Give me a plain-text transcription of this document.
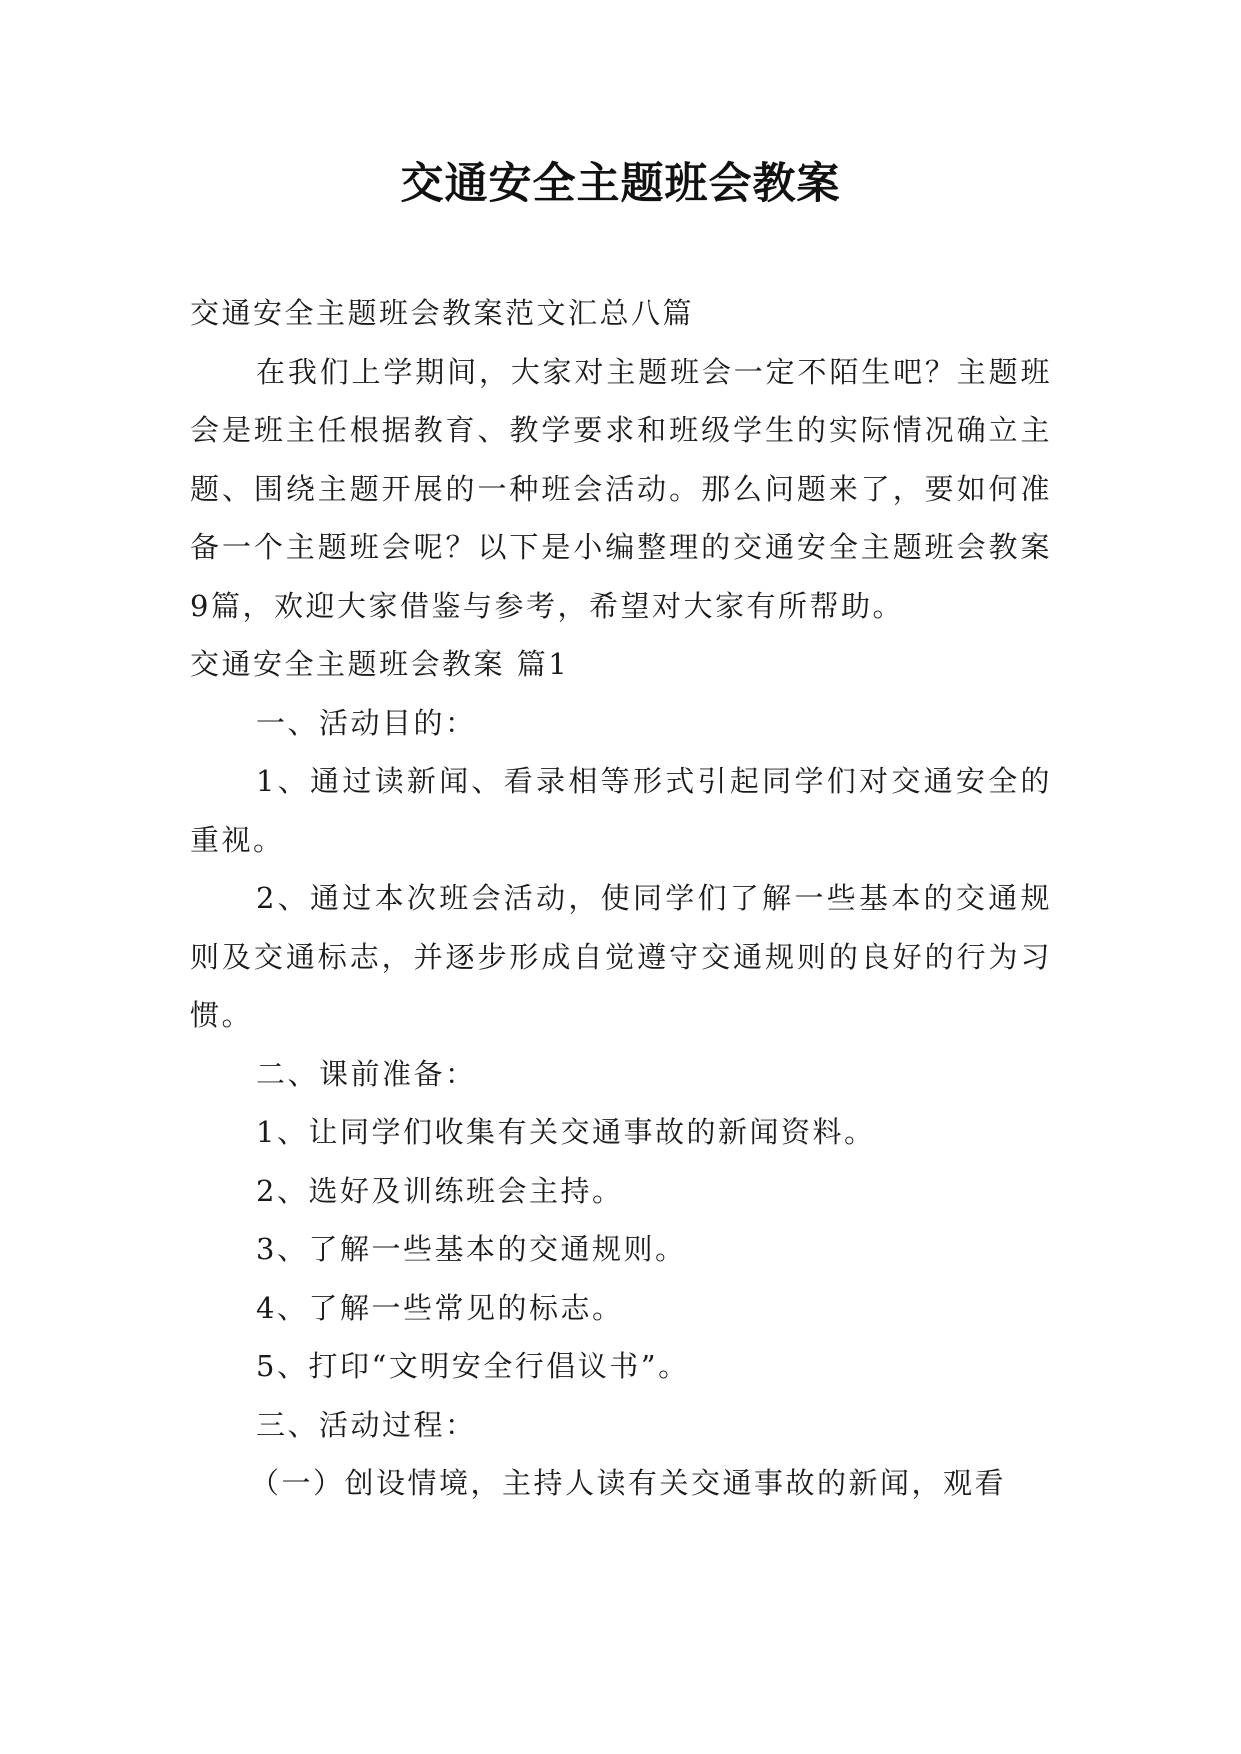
交通安全主题班会教案

交通安全主题班会教案范文汇总八篇

在我们上学期间，大家对主题班会一定不陌生吧？主题班会是班主任根据教育、教学要求和班级学生的实际情况确立主题、围绕主题开展的一种班会活动。那么问题来了，要如何准备一个主题班会呢？以下是小编整理的交通安全主题班会教案9篇，欢迎大家借鉴与参考，希望对大家有所帮助。

交通安全主题班会教案 篇1

一、活动目的：

1、通过读新闻、看录相等形式引起同学们对交通安全的重视。

2、通过本次班会活动，使同学们了解一些基本的交通规则及交通标志，并逐步形成自觉遵守交通规则的良好的行为习惯。

二、课前准备：

1、让同学们收集有关交通事故的新闻资料。

2、选好及训练班会主持。

3、了解一些基本的交通规则。

4、了解一些常见的标志。

5、打印“文明安全行倡议书”。

三、活动过程：

（一）创设情境，主持人读有关交通事故的新闻，观看
